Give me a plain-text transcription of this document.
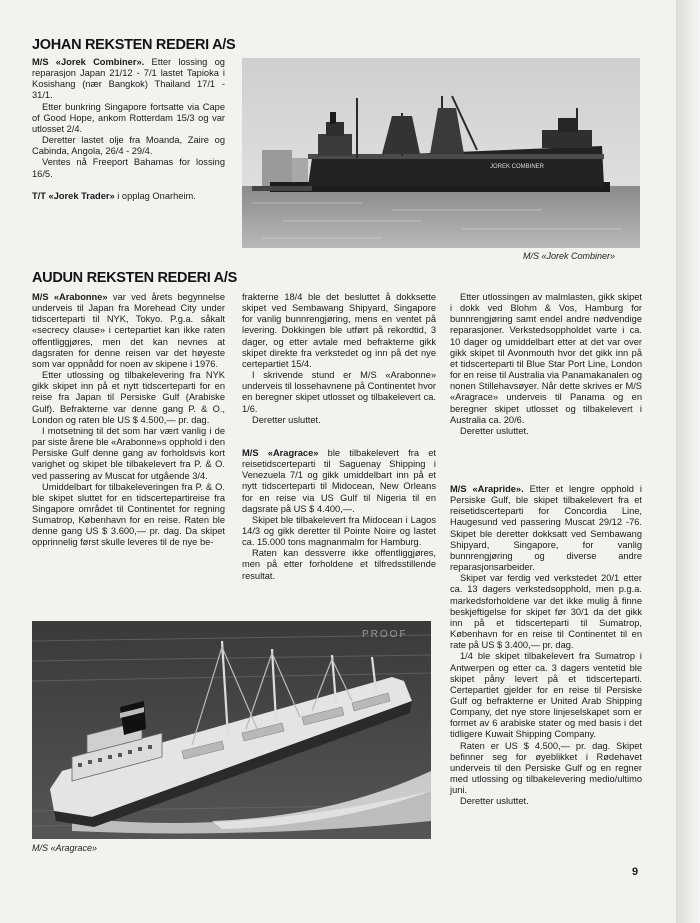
JOHAN REKSTEN REDERI A/S

M/S «Jorek Combiner». Etter lossing og reparasjon Japan 21/12 - 7/1 lastet Tapioka i Kosishang (nær Bangkok) Thailand 17/1 - 31/1.

Etter bunkring Singapore fortsatte via Cape of Good Hope, ankom Rotterdam 15/3 og var utlosset 2/4.

Deretter lastet olje fra Moanda, Zaire og Cabinda, Angola, 26/4 - 29/4.

Ventes nå Freeport Bahamas for lossing 16/5.

T/T «Jorek Trader» i opplag Onarheim.

JOREK COMBINER
M/S «Jorek Combiner»
AUDUN REKSTEN REDERI A/S

M/S «Arabonne» var ved årets begynnelse underveis til Japan fra Morehead City under tidscerteparti til NYK, Tokyo. P.g.a. såkalt «secrecy clause» i certepartiet kan ikke raten offentliggjøres, men det kan nevnes at dagsraten for denne reisen var det høyeste som var oppnådd for noen av skipene i 1976.

Etter utlossing og tilbakelevering fra NYK gikk skipet inn på et nytt tidscerteparti for en reise fra Japan til Persiske Gulf (Arabiske Gulf). Befrakterne var denne gang P. & O., London og raten ble US $ 4.500,— pr. dag.

I motsetning til det som har vært vanlig i de par siste årene ble «Arabonne»s opphold i den Persiske Gulf denne gang av forholdsvis kort varighet og skipet ble tilbakelevert fra P. & O. ved passering av Muscat for utgående 3/4.

Umiddelbart for tilbakeleveringen fra P. & O. ble skipet sluttet for en tidscertepartireise fra Singapore området til Continentet for regning Sumatrop, København for en reise. Raten ble denne gang US $ 3.600,— pr. dag. Da skipet opprinnelig først skulle leveres til de nye be-

frakterne 18/4 ble det besluttet å dokksette skipet ved Sembawang Shipyard, Singapore for vanlig bunnrengjøring, mens en ventet på levering. Dokkingen ble utført på rekordtid, 3 dager, og etter avtale med befrakterne gikk skipet direkte fra verkstedet og inn på det nye certepartiet 15/4.

I skrivende stund er M/S «Arabonne» underveis til lossehavnene på Continentet hvor en beregner skipet utlosset og tilbakelevert ca. 1/6.

Deretter usluttet.

M/S «Aragrace» ble tilbakelevert fra et reisetidscerteparti til Saguenay Shipping i Venezuela 7/1 og gikk umiddelbart inn på et nytt tidscerteparti til Midocean, New Orleans for en reise via US Gulf til Nigeria til en dagsrate på US $ 4.400,—.

Skipet ble tilbakelevert fra Midocean i Lagos 14/3 og gikk deretter til Pointe Noire og lastet ca. 15.000 tons magnanmalm for Hamburg.

Raten kan dessverre ikke offentliggjøres, men på etter forholdene et tilfredsstillende resultat.

Etter utlossingen av malmlasten, gikk skipet i dokk ved Blohm & Vos, Hamburg for bunnrengjøring samt endel andre nødvendige reparasjoner. Verkstedsoppholdet varte i ca. 10 dager og umiddelbart etter at det var over gikk skipet til Avonmouth hvor det gikk inn på et tidscerteparti til Blue Star Port Line, London for en reise til Australia via Panamakanalen og nonen Stillehavsøyer. Når dette skrives er M/S «Aragrace» underveis til Panama og en beregner skipet utlosset og tilbakelevert i Australia ca. 20/6.

Deretter usluttet.

M/S «Arapride». Etter et lengre opphold i Persiske Gulf, ble skipet tilbakelevert fra et reisetidscerteparti for Concordia Line, Haugesund ved passering Muscat 29/12 -76. Skipet ble deretter dokksatt ved Sembawang Shipyard, Singapore, for vanlig bunnrengjøring og diverse andre reparasjonsarbeider.

Skipet var ferdig ved verkstedet 20/1 etter ca. 13 dagers verkstedsopphold, men p.g.a. markedsforholdene var det ikke mulig å finne beskjeftigelse for skipet før 30/1 da det gikk inn på et tidscerteparti til Sumatrop, København for en reise til Continentet til en rate på US $ 3.400,— pr. dag.

1/4 ble skipet tilbakelevert fra Sumatrop i Antwerpen og etter ca. 3 dagers ventetid ble skipet påny levert på et tidscerteparti. Certepartiet gjelder for en reise til Persiske Gulf og befrakterne er United Arab Shipping Company, det nye store linjeselskapet som er formet av 6 arabiske stater og med basis i det tidligere Kuwait Shipping Company.

Raten er US $ 4.500,— pr. dag. Skipet befinner seg for øyeblikket i Rødehavet underveis til den Persiske Gulf og en regner med utlossing og tilbakelevering medio/ultimo juni.

Deretter usluttet.

PROOF
M/S «Aragrace»
9
